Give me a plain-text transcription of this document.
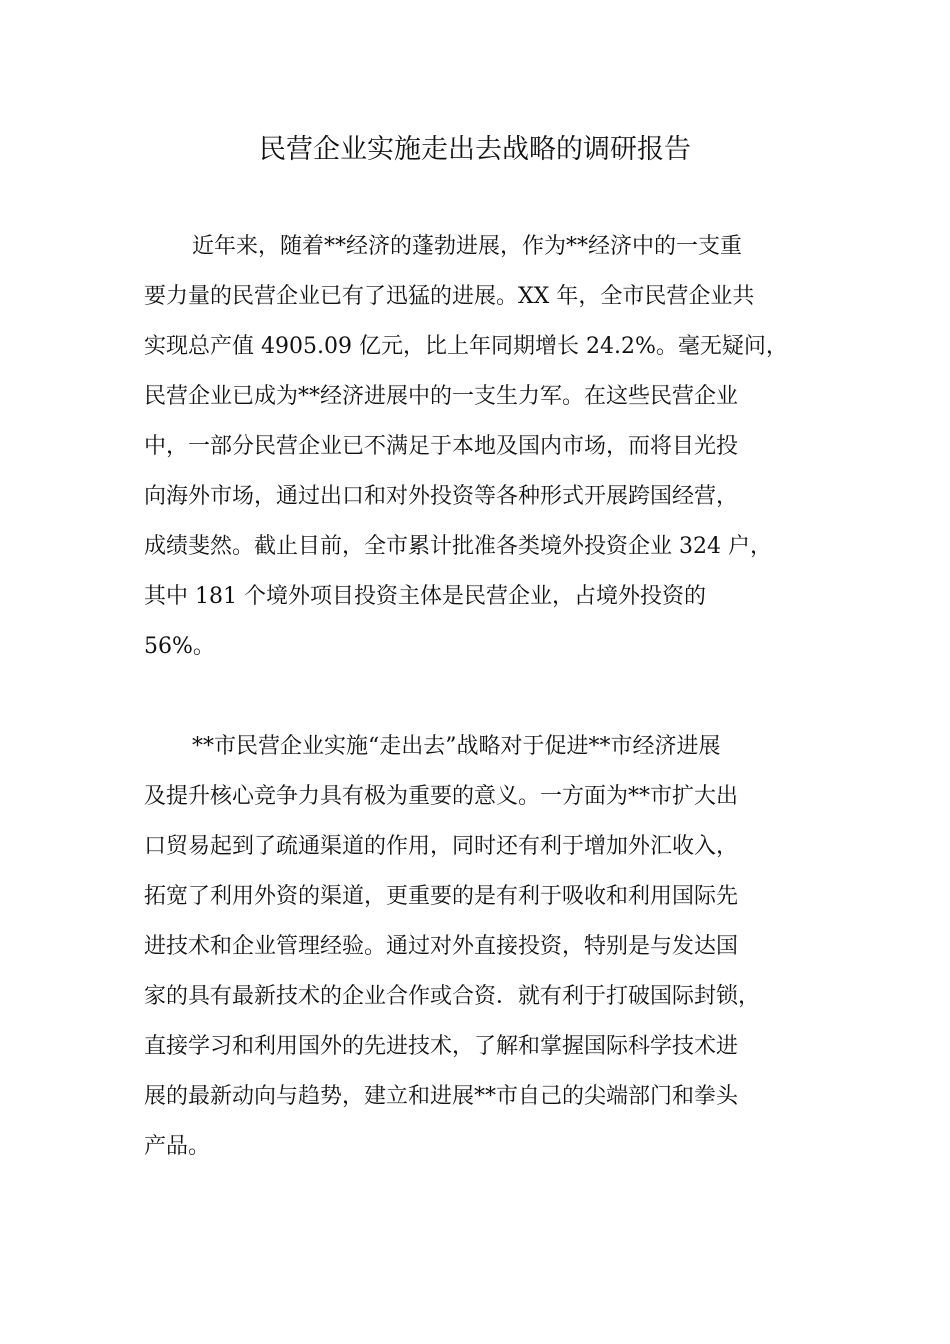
民营企业实施走出去战略的调研报告
近年来，随着**经济的蓬勃进展，作为**经济中的一支重
要力量的民营企业已有了迅猛的进展。XX 年，全市民营企业共
实现总产值 4905.09 亿元，比上年同期增长 24.2%。毫无疑问，
民营企业已成为**经济进展中的一支生力军。在这些民营企业
中，一部分民营企业已不满足于本地及国内市场，而将目光投
向海外市场，通过出口和对外投资等各种形式开展跨国经营，
成绩斐然。截止目前，全市累计批准各类境外投资企业 324 户，
其中 181 个境外项目投资主体是民营企业，占境外投资的
56%。
**市民营企业实施“走出去”战略对于促进**市经济进展
及提升核心竞争力具有极为重要的意义。一方面为**市扩大出
口贸易起到了疏通渠道的作用，同时还有利于增加外汇收入，
拓宽了利用外资的渠道，更重要的是有利于吸收和利用国际先
进技术和企业管理经验。通过对外直接投资，特别是与发达国
家的具有最新技术的企业合作或合资．就有利于打破国际封锁，
直接学习和利用国外的先进技术，了解和掌握国际科学技术进
展的最新动向与趋势，建立和进展**市自己的尖端部门和拳头
产品。
